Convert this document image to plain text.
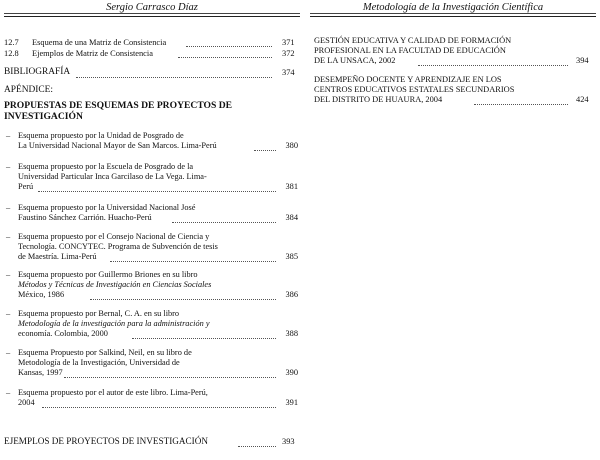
Sergio Carrasco Díaz
12.7 Esquema de una Matriz de Consistencia	371
12.8 Ejemplos de Matriz de Consistencia	372
BIBLIOGRAFÍA	374
APÉNDICE:
PROPUESTAS DE ESQUEMAS DE PROYECTOS DE
INVESTIGACIÓN
– Esquema propuesto por la Unidad de Posgrado de
La Universidad Nacional Mayor de San Marcos. Lima-Perú	380
– Esquema propuesto por la Escuela de Posgrado de la
Universidad Particular Inca Garcilaso de La Vega. Lima-
Perú	381
– Esquema propuesto por la Universidad Nacional José
Faustino Sánchez Carrión. Huacho-Perú	384
– Esquema propuesto por el Consejo Nacional de Ciencia y
Tecnología. CONCYTEC. Programa de Subvención de tesis
de Maestría. Lima-Perú	385
– Esquema propuesto por Guillermo Briones en su libro
Métodos y Técnicas de Investigación en Ciencias Sociales
México, 1986	386
– Esquema propuesto por Bernal, C. A. en su libro
Metodología de la investigación para la administración y
economía. Colombia, 2000	388
– Esquema Propuesto por Salkind, Neil, en su libro de
Metodología de la Investigación, Universidad de
Kansas, 1997	390
– Esquema propuesto por el autor de este libro. Lima-Perú,
2004	391
EJEMPLOS DE PROYECTOS DE INVESTIGACIÓN	393
Metodología de la Investigación Científica
GESTIÓN EDUCATIVA Y CALIDAD DE FORMACIÓN
PROFESIONAL EN LA FACULTAD DE EDUCACIÓN
DE LA UNSACA, 2002	394
DESEMPEÑO DOCENTE Y APRENDIZAJE EN LOS
CENTROS EDUCATIVOS ESTATALES SECUNDARIOS
DEL DISTRITO DE HUAURA, 2004	424
